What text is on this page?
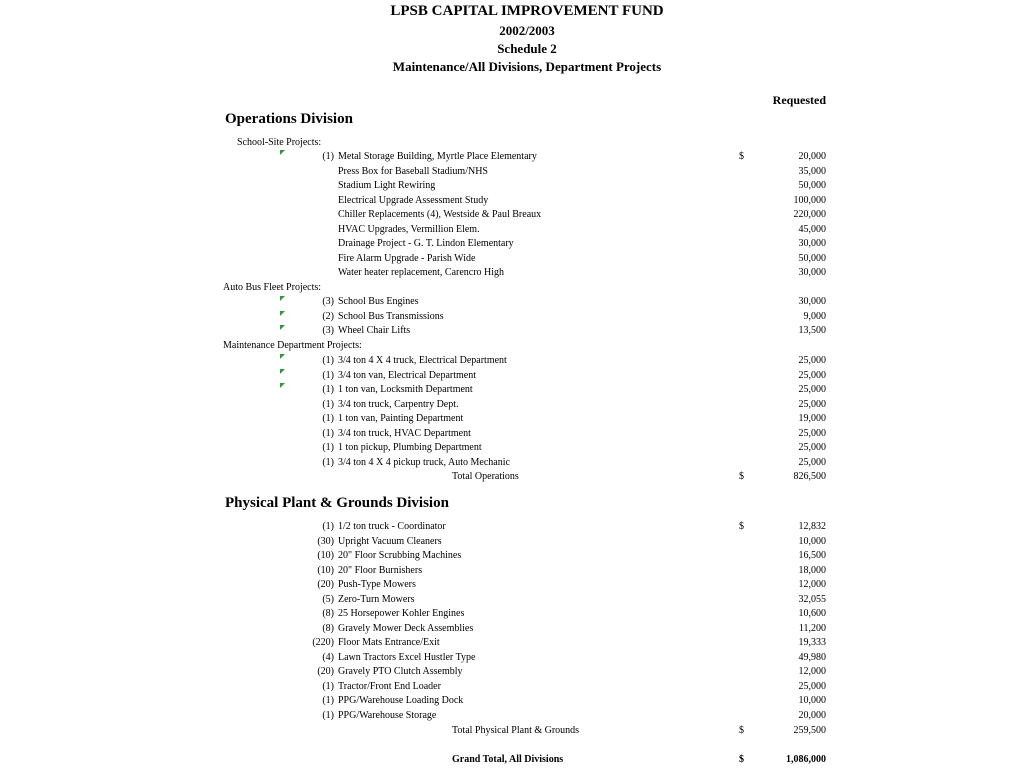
LPSB CAPITAL IMPROVEMENT FUND
2002/2003
Schedule 2
Maintenance/All Divisions, Department Projects
Requested
Operations Division
School-Site Projects:
(1) Metal Storage Building, Myrtle Place Elementary	$	20,000
Press Box for Baseball Stadium/NHS	35,000
Stadium Light Rewiring	50,000
Electrical Upgrade Assessment Study	100,000
Chiller Replacements (4), Westside & Paul Breaux	220,000
HVAC Upgrades, Vermillion Elem.	45,000
Drainage Project - G. T. Lindon Elementary	30,000
Fire Alarm Upgrade - Parish Wide	50,000
Water heater replacement, Carencro High	30,000
Auto Bus Fleet Projects:
(3) School Bus Engines	30,000
(2) School Bus Transmissions	9,000
(3) Wheel Chair Lifts	13,500
Maintenance Department Projects:
(1) 3/4 ton 4 X 4 truck, Electrical Department	25,000
(1) 3/4 ton van, Electrical Department	25,000
(1) 1 ton van, Locksmith Department	25,000
(1) 3/4 ton truck, Carpentry Dept.	25,000
(1) 1 ton van, Painting Department	19,000
(1) 3/4 ton truck, HVAC Department	25,000
(1) 1 ton pickup, Plumbing Department	25,000
(1) 3/4 ton 4 X 4 pickup truck, Auto Mechanic	25,000
Total Operations	$	826,500
Physical Plant & Grounds Division
(1) 1/2 ton truck - Coordinator	$	12,832
(30) Upright Vacuum Cleaners	10,000
(10) 20" Floor Scrubbing Machines	16,500
(10) 20" Floor Burnishers	18,000
(20) Push-Type Mowers	12,000
(5) Zero-Turn Mowers	32,055
(8) 25 Horsepower Kohler Engines	10,600
(8) Gravely Mower Deck Assemblies	11,200
(220) Floor Mats Entrance/Exit	19,333
(4) Lawn Tractors Excel Hustler Type	49,980
(20) Gravely PTO Clutch Assembly	12,000
(1) Tractor/Front End Loader	25,000
(1) PPG/Warehouse Loading Dock	10,000
(1) PPG/Warehouse Storage	20,000
Total Physical Plant & Grounds	$	259,500
Grand Total, All Divisions	$	1,086,000
